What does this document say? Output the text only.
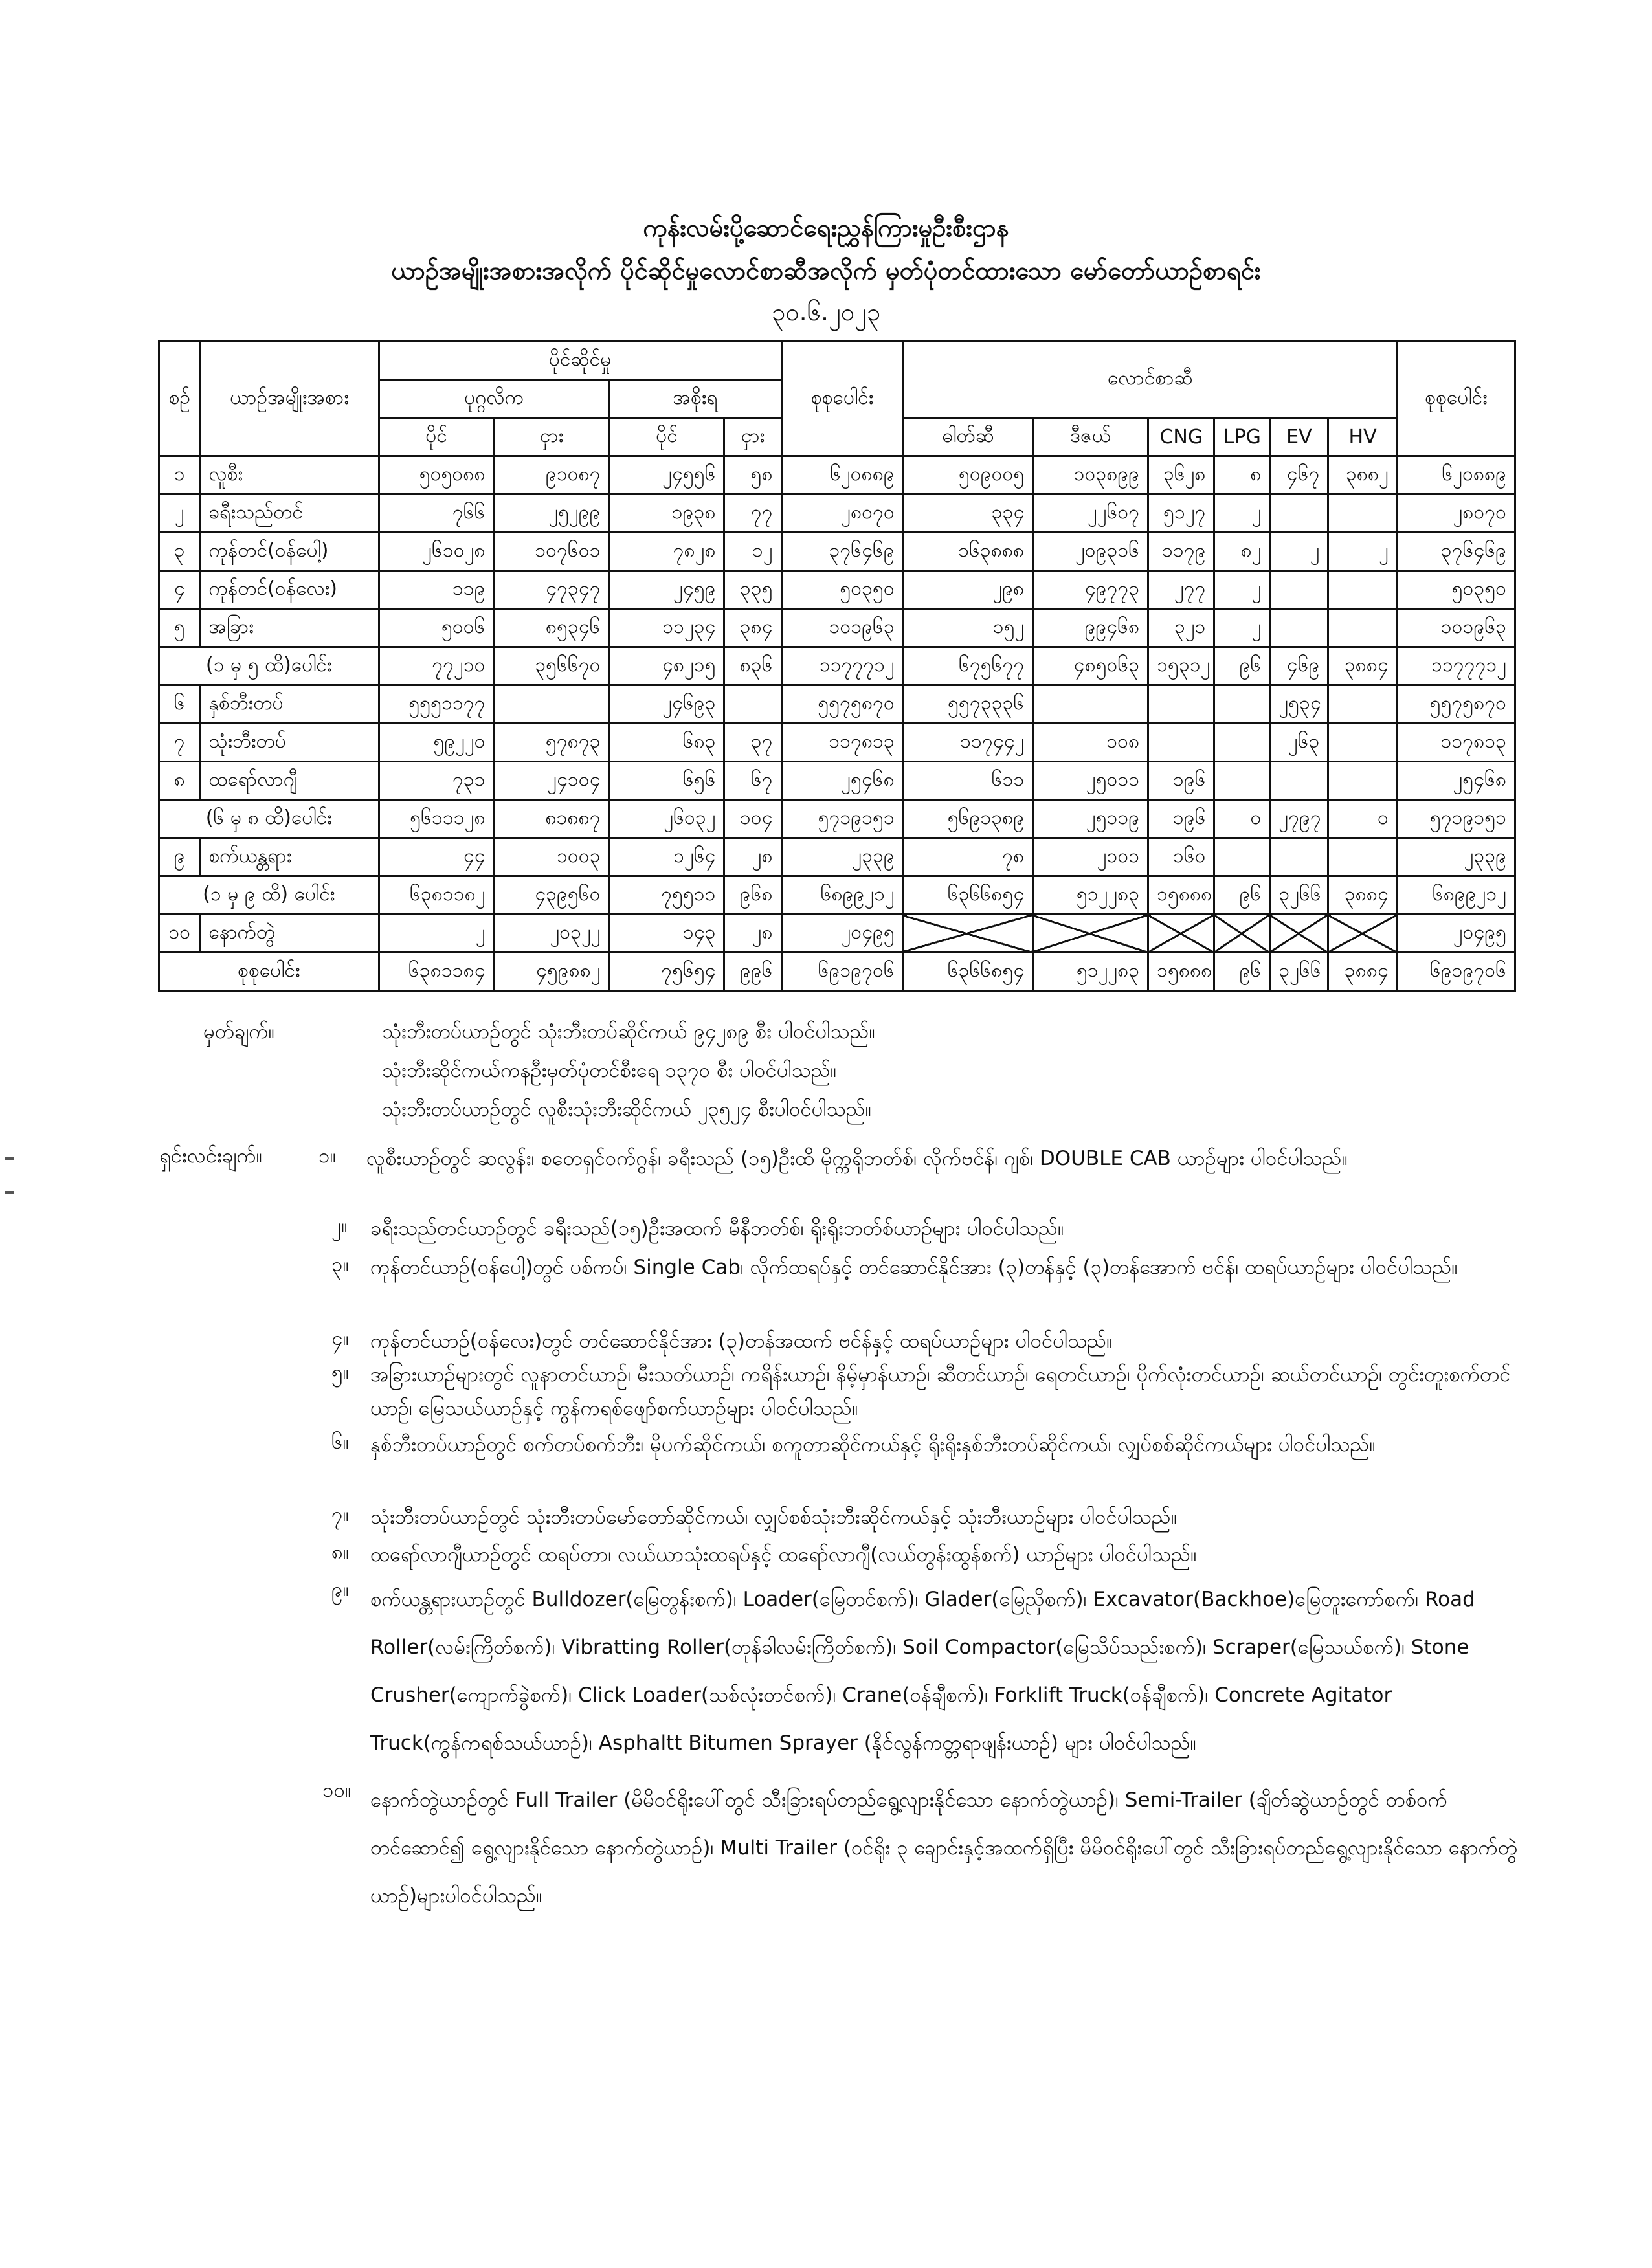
ကုန်းလမ်းပို့ဆောင်ရေးညွှန်ကြားမှုဦးစီးဌာန
ယာဉ်အမျိုးအစားအလိုက် ပိုင်ဆိုင်မှုလောင်စာဆီအလိုက် မှတ်ပုံတင်ထားသော မော်တော်ယာဉ်စာရင်း
၃၀.၆.၂၀၂၃
စဉ်	ယာဉ်အမျိုးအစား	ပိုင်ဆိုင်မှု				စုစုပေါင်း	လောင်စာဆီ						စုစုပေါင်း
		ပုဂ္ဂလိက		အစိုးရ									
		ပိုင်	ငှား	ပိုင်	ငှား		ဓါတ်ဆီ	ဒီဇယ်	CNG	LPG	EV	HV	
၁	လူစီး	၅၀၅၀၈၈	၉၁၀၈၇	၂၄၅၅၆	၅၈	၆၂၀၈၈၉	၅၀၉၀၀၅	၁၀၃၈၉၉	၃၆၂၈	၈	၄၆၇	၃၈၈၂	၆၂၀၈၈၉
၂	ခရီးသည်တင်	၇၆၆	၂၅၂၉၉	၁၉၃၈	၇၇	၂၈၀၇၀	၃၃၄	၂၂၆၀၇	၅၁၂၇	၂			၂၈၀၇၀
၃	ကုန်တင်(ဝန်ပေါ့)	၂၆၁၀၂၈	၁၀၇၆၀၁	၇၈၂၈	၁၂	၃၇၆၄၆၉	၁၆၃၈၈၈	၂၀၉၃၁၆	၁၁၇၉	၈၂	၂	၂	၃၇၆၄၆၉
၄	ကုန်တင်(ဝန်လေး)	၁၁၉	၄၇၃၄၇	၂၄၅၉	၃၃၅	၅၀၃၅၀	၂၉၈	၄၉၇၇၃	၂၇၇	၂			၅၀၃၅၀
၅	အခြား	၅၀၀၆	၈၅၃၄၆	၁၁၂၃၄	၃၈၄	၁၀၁၉၆၃	၁၅၂	၉၉၄၆၈	၃၂၁	၂			၁၀၁၉၆၃
(၁ မှ ၅ ထိ)ပေါင်း		၇၇၂၁၀	၃၅၆၆၇၀	၄၈၂၁၅	၈၃၆	၁၁၇၇၇၁၂	၆၇၅၆၇၇	၄၈၅၀၆၃	၁၅၃၁၂	၉၆	၄၆၉	၃၈၈၄	၁၁၇၇၇၁၂
၆	နှစ်ဘီးတပ်	၅၅၅၁၁၇၇		၂၄၆၉၃		၅၅၇၅၈၇၀	၅၅၇၃၃၃၆				၂၅၃၄		၅၅၇၅၈၇၀
၇	သုံးဘီးတပ်	၅၉၂၂၀	၅၇၈၇၃	၆၈၃	၃၇	၁၁၇၈၁၃	၁၁၇၄၄၂	၁၀၈			၂၆၃		၁၁၇၈၁၃
၈	ထရော်လာဂျီ	၇၃၁	၂၄၁၀၄	၆၅၆	၆၇	၂၅၄၆၈	၆၁၁	၂၅၀၁၁	၁၉၆				၂၅၄၆၈
(၆ မှ ၈ ထိ)ပေါင်း		၅၆၁၁၁၂၈	၈၁၈၈၇	၂၆၀၃၂	၁၀၄	၅၇၁၉၁၅၁	၅၆၉၁၃၈၉	၂၅၁၁၉	၁၉၆	၀	၂၇၉၇	၀	၅၇၁၉၁၅၁
၉	စက်ယန္တရား	၄၄	၁၀၀၃	၁၂၆၄	၂၈	၂၃၃၉	၇၈	၂၁၀၁	၁၆၀				၂၃၃၉
(၁ မှ ၉ ထိ) ပေါင်း		၆၃၈၁၁၈၂	၄၃၉၅၆၀	၇၅၅၁၁	၉၆၈	၆၈၉၉၂၁၂	၆၃၆၆၈၅၄	၅၁၂၂၈၃	၁၅၈၈၈	၉၆	၃၂၆၆	၃၈၈၄	၆၈၉၉၂၁၂
၁၀	နောက်တွဲ	၂	၂၀၃၂၂	၁၄၃	၂၈	၂၀၄၉၅							၂၀၄၉၅
စုစုပေါင်း		၆၃၈၁၁၈၄	၄၅၉၈၈၂	၇၅၆၅၄	၉၉၆	၆၉၁၉၇၀၆	၆၃၆၆၈၅၄	၅၁၂၂၈၃	၁၅၈၈၈	၉၆	၃၂၆၆	၃၈၈၄	၆၉၁၉၇၀၆
မှတ်ချက်။	သုံးဘီးတပ်ယာဉ်တွင် သုံးဘီးတပ်ဆိုင်ကယ် ၉၄၂၈၉ စီး ပါဝင်ပါသည်။
သုံးဘီးဆိုင်ကယ်ကနဦးမှတ်ပုံတင်စီးရေ ၁၃၇၀ စီး ပါဝင်ပါသည်။
သုံးဘီးတပ်ယာဉ်တွင် လူစီးသုံးဘီးဆိုင်ကယ် ၂၃၅၂၄ စီးပါဝင်ပါသည်။
ရှင်းလင်းချက်။	၁။ လူစီးယာဉ်တွင် ဆလွန်း၊ စတေရှင်ဝက်ဂွန်၊ ခရီးသည် (၁၅)ဦးထိ မိုက္ကရိုဘတ်စ်၊ လိုက်ဗင်န်၊ ဂျစ်၊ DOUBLE CAB ယာဉ်များ ပါဝင်ပါသည်။
၂။ ခရီးသည်တင်ယာဉ်တွင် ခရီးသည်(၁၅)ဦးအထက် မီနီဘတ်စ်၊ ရိုးရိုးဘတ်စ်ယာဉ်များ ပါဝင်ပါသည်။
၃။ ကုန်တင်ယာဉ်(ဝန်ပေါ့)တွင် ပစ်ကပ်၊ Single Cab၊ လိုက်ထရပ်နှင့် တင်ဆောင်နိုင်အား (၃)တန်နှင့် (၃)တန်အောက် ဗင်န်၊ ထရပ်ယာဉ်များ ပါဝင်ပါသည်။
၄။ ကုန်တင်ယာဉ်(ဝန်လေး)တွင် တင်ဆောင်နိုင်အား (၃)တန်အထက် ဗင်န်နှင့် ထရပ်ယာဉ်များ ပါဝင်ပါသည်။
၅။ အခြားယာဉ်များတွင် လူနာတင်ယာဉ်၊ မီးသတ်ယာဉ်၊ ကရိန်းယာဉ်၊ နိမ့်မှာန်ယာဉ်၊ ဆီတင်ယာဉ်၊ ရေတင်ယာဉ်၊ ပိုက်လုံးတင်ယာဉ်၊ ဆယ်တင်ယာဉ်၊ တွင်းတူးစက်တင်ယာဉ်၊ မြေသယ်ယာဉ်နှင့် ကွန်ကရစ်ဖျော်စက်ယာဉ်များ ပါဝင်ပါသည်။
၆။ နှစ်ဘီးတပ်ယာဉ်တွင် စက်တပ်စက်ဘီး၊ မိုပက်ဆိုင်ကယ်၊ စကူတာဆိုင်ကယ်နှင့် ရိုးရိုးနှစ်ဘီးတပ်ဆိုင်ကယ်၊ လျှပ်စစ်ဆိုင်ကယ်များ ပါဝင်ပါသည်။
၇။ သုံးဘီးတပ်ယာဉ်တွင် သုံးဘီးတပ်မော်တော်ဆိုင်ကယ်၊ လျှပ်စစ်သုံးဘီးဆိုင်ကယ်နှင့် သုံးဘီးယာဉ်များ ပါဝင်ပါသည်။
၈။ ထရော်လာဂျီယာဉ်တွင် ထရပ်တာ၊ လယ်ယာသုံးထရပ်နှင့် ထရော်လာဂျီ(လယ်တွန်းထွန်စက်) ယာဉ်များ ပါဝင်ပါသည်။
၉။ စက်ယန္တရားယာဉ်တွင် Bulldozer(မြေတွန်းစက်)၊ Loader(မြေတင်စက်)၊ Glader(မြေညှိစက်)၊ Excavator(Backhoe)မြေတူးကော်စက်၊ Road Roller(လမ်းကြိတ်စက်)၊ Vibratting Roller(တုန်ခါလမ်းကြိတ်စက်)၊ Soil Compactor(မြေသိပ်သည်းစက်)၊ Scraper(မြေသယ်စက်)၊ Stone Crusher(ကျောက်ခွဲစက်)၊ Click Loader(သစ်လုံးတင်စက်)၊ Crane(ဝန်ချီစက်)၊ Forklift Truck(ဝန်ချီစက်)၊ Concrete Agitator Truck(ကွန်ကရစ်သယ်ယာဉ်)၊ Asphaltt Bitumen Sprayer (နိုင်လွန်ကတ္တရာဖျန်းယာဉ်) များ ပါဝင်ပါသည်။
၁၀။ နောက်တွဲယာဉ်တွင် Full Trailer (မိမိဝင်ရိုးပေါ်တွင် သီးခြားရပ်တည်ရွေ့လျားနိုင်သော နောက်တွဲယာဉ်)၊ Semi-Trailer (ချိတ်ဆွဲယာဉ်တွင် တစ်ဝက်တင်ဆောင်၍ ရွေ့လျားနိုင်သော နောက်တွဲယာဉ်)၊ Multi Trailer (ဝင်ရိုး ၃ ချောင်းနှင့်အထက်ရှိပြီး မိမိဝင်ရိုးပေါ်တွင် သီးခြားရပ်တည်ရွေ့လျားနိုင်သော နောက်တွဲယာဉ်)များပါဝင်ပါသည်။
